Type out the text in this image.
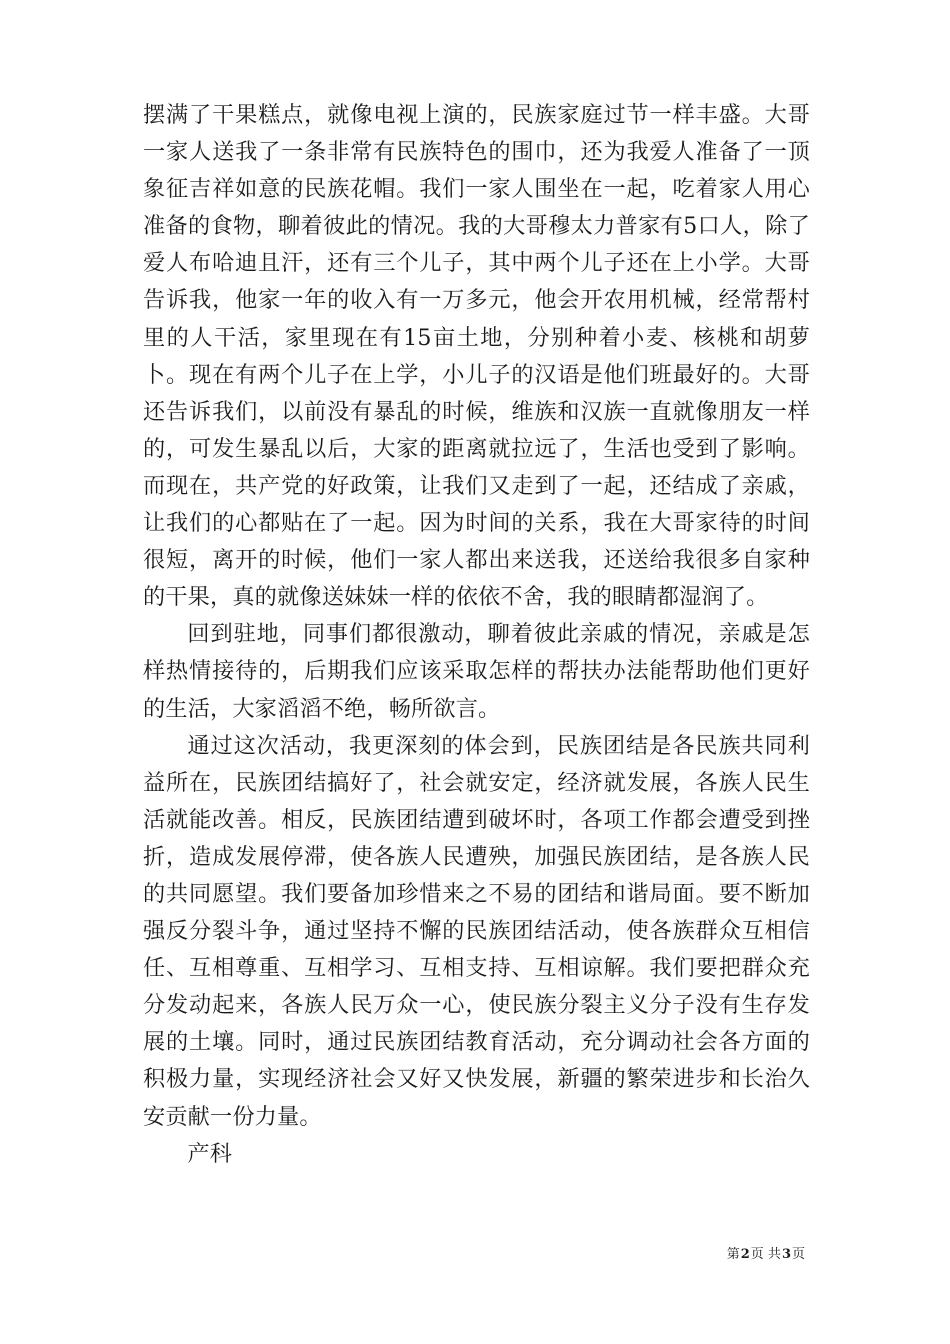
摆满了干果糕点，就像电视上演的，民族家庭过节一样丰盛。大哥一家人送我了一条非常有民族特色的围巾，还为我爱人准备了一顶象征吉祥如意的民族花帽。我们一家人围坐在一起，吃着家人用心准备的食物，聊着彼此的情况。我的大哥穆太力普家有5口人，除了爱人布哈迪且汗，还有三个儿子，其中两个儿子还在上小学。大哥告诉我，他家一年的收入有一万多元，他会开农用机械，经常帮村里的人干活，家里现在有15亩土地，分别种着小麦、核桃和胡萝卜。现在有两个儿子在上学，小儿子的汉语是他们班最好的。大哥还告诉我们，以前没有暴乱的时候，维族和汉族一直就像朋友一样的，可发生暴乱以后，大家的距离就拉远了，生活也受到了影响。而现在，共产党的好政策，让我们又走到了一起，还结成了亲戚，让我们的心都贴在了一起。因为时间的关系，我在大哥家待的时间很短，离开的时候，他们一家人都出来送我，还送给我很多自家种的干果，真的就像送妹妹一样的依依不舍，我的眼睛都湿润了。

回到驻地，同事们都很激动，聊着彼此亲戚的情况，亲戚是怎样热情接待的，后期我们应该采取怎样的帮扶办法能帮助他们更好的生活，大家滔滔不绝，畅所欲言。

通过这次活动，我更深刻的体会到，民族团结是各民族共同利益所在，民族团结搞好了，社会就安定，经济就发展，各族人民生活就能改善。相反，民族团结遭到破坏时，各项工作都会遭受到挫折，造成发展停滞，使各族人民遭殃，加强民族团结，是各族人民的共同愿望。我们要备加珍惜来之不易的团结和谐局面。要不断加强反分裂斗争，通过坚持不懈的民族团结活动，使各族群众互相信任、互相尊重、互相学习、互相支持、互相谅解。我们要把群众充分发动起来，各族人民万众一心，使民族分裂主义分子没有生存发展的土壤。同时，通过民族团结教育活动，充分调动社会各方面的积极力量，实现经济社会又好又快发展，新疆的繁荣进步和长治久安贡献一份力量。

产科

第2页 共3页
